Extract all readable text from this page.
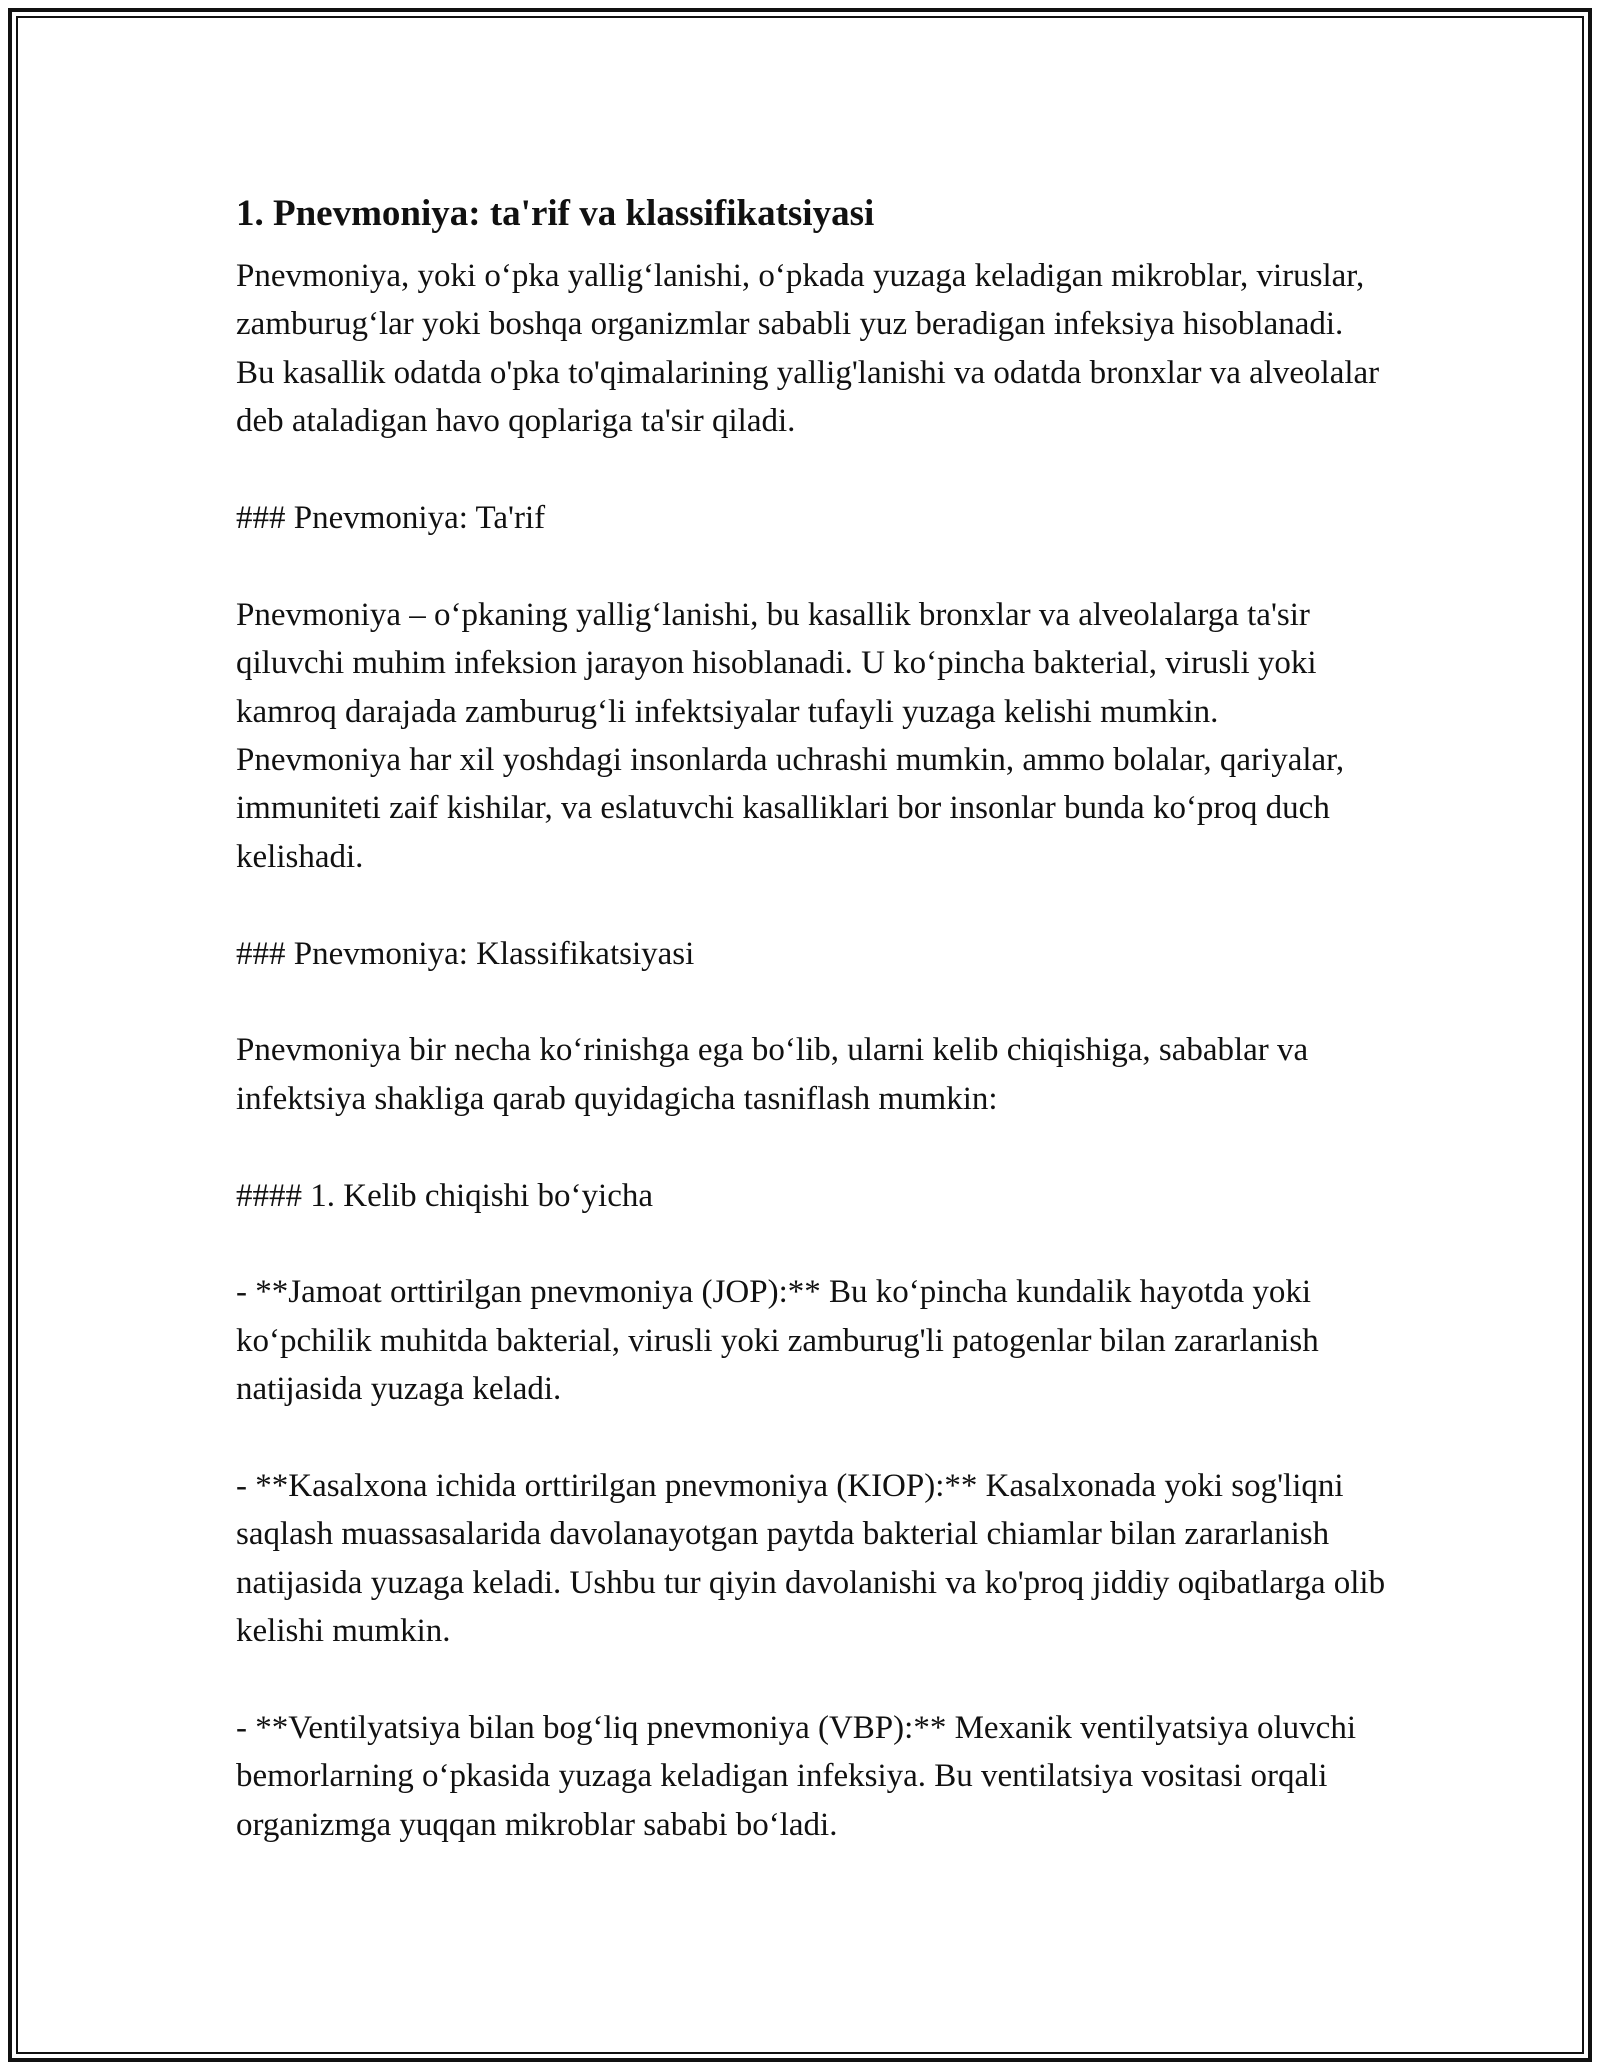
1. Pnevmoniya: ta'rif va klassifikatsiyasi

Pnevmoniya, yoki o‘pka yallig‘lanishi, o‘pkada yuzaga keladigan mikroblar, viruslar, zamburug‘lar yoki boshqa organizmlar sababli yuz beradigan infeksiya hisoblanadi. Bu kasallik odatda o'pka to'qimalarining yallig'lanishi va odatda bronxlar va alveolalar deb ataladigan havo qoplariga ta'sir qiladi.

### Pnevmoniya: Ta'rif

Pnevmoniya – o‘pkaning yallig‘lanishi, bu kasallik bronxlar va alveolalarga ta'sir qiluvchi muhim infeksion jarayon hisoblanadi. U ko‘pincha bakterial, virusli yoki kamroq darajada zamburug‘li infektsiyalar tufayli yuzaga kelishi mumkin. Pnevmoniya har xil yoshdagi insonlarda uchrashi mumkin, ammo bolalar, qariyalar, immuniteti zaif kishilar, va eslatuvchi kasalliklari bor insonlar bunda ko‘proq duch kelishadi.

### Pnevmoniya: Klassifikatsiyasi

Pnevmoniya bir necha ko‘rinishga ega bo‘lib, ularni kelib chiqishiga, sabablar va infektsiya shakliga qarab quyidagicha tasniflash mumkin:

#### 1. Kelib chiqishi bo‘yicha

- **Jamoat orttirilgan pnevmoniya (JOP):** Bu ko‘pincha kundalik hayotda yoki ko‘pchilik muhitda bakterial, virusli yoki zamburug'li patogenlar bilan zararlanish natijasida yuzaga keladi.

- **Kasalxona ichida orttirilgan pnevmoniya (KIOP):** Kasalxonada yoki sog'liqni saqlash muassasalarida davolanayotgan paytda bakterial chiamlar bilan zararlanish natijasida yuzaga keladi. Ushbu tur qiyin davolanishi va ko'proq jiddiy oqibatlarga olib kelishi mumkin.

- **Ventilyatsiya bilan bog‘liq pnevmoniya (VBP):** Mexanik ventilyatsiya oluvchi bemorlarning o‘pkasida yuzaga keladigan infeksiya. Bu ventilatsiya vositasi orqali organizmga yuqqan mikroblar sababi bo‘ladi.
